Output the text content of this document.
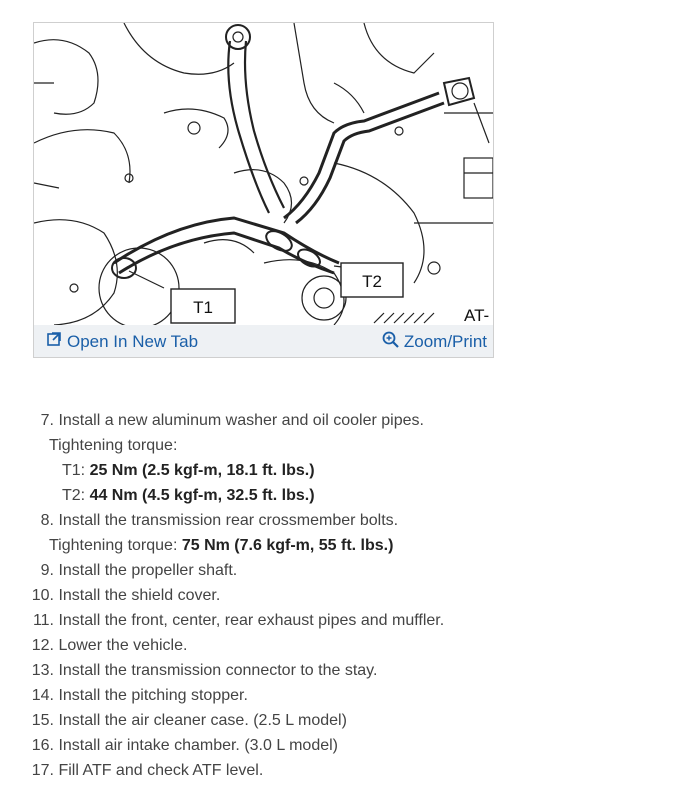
T1
T2
AT-
Open In New Tab	Zoom/Print
7. Install a new aluminum washer and oil cooler pipes.
Tightening torque:
T1: 25 Nm (2.5 kgf-m, 18.1 ft. lbs.)
T2: 44 Nm (4.5 kgf-m, 32.5 ft. lbs.)
8. Install the transmission rear crossmember bolts.
Tightening torque: 75 Nm (7.6 kgf-m, 55 ft. lbs.)
9. Install the propeller shaft.
10. Install the shield cover.
11. Install the front, center, rear exhaust pipes and muffler.
12. Lower the vehicle.
13. Install the transmission connector to the stay.
14. Install the pitching stopper.
15. Install the air cleaner case. (2.5 L model)
16. Install air intake chamber. (3.0 L model)
17. Fill ATF and check ATF level.
